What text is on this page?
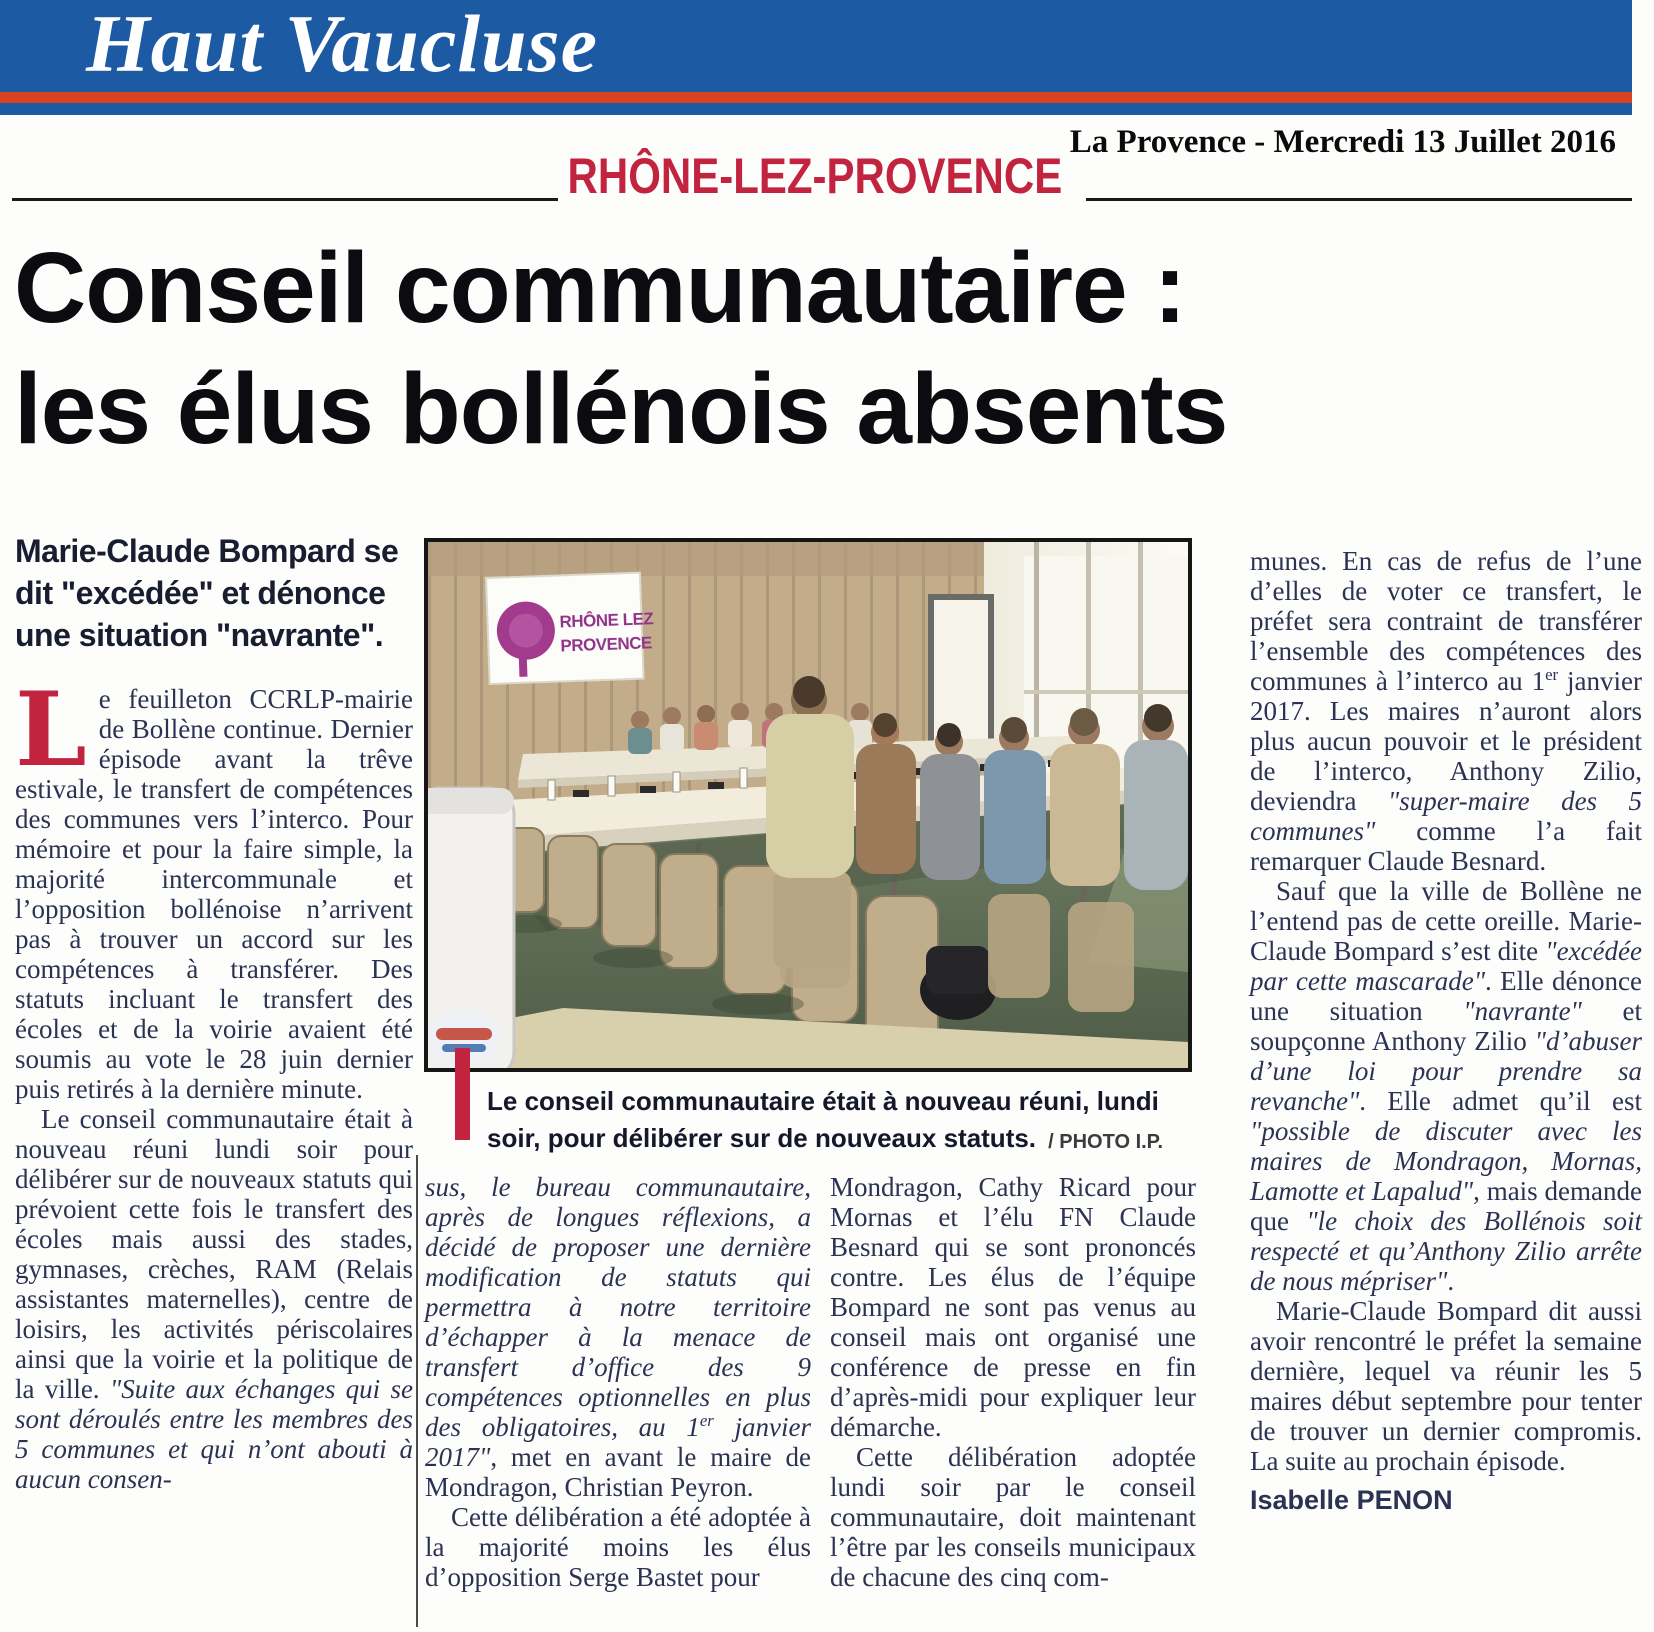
Haut Vaucluse
La Provence - Mercredi 13 Juillet 2016
RHÔNE-LEZ-PROVENCE
Conseil communautaire :
les élus bollénois absents

Marie-Claude Bompard se dit "excédée" et dénonce une situation "navrante".

Le feuilleton CCRLP-mairie de Bollène continue. Dernier épisode avant la trêve estivale, le transfert de compétences des communes vers l’interco. Pour mémoire et pour la faire simple, la majorité intercommunale et l’opposition bollénoise n’arrivent pas à trouver un accord sur les compétences à transférer. Des statuts incluant le transfert des écoles et de la voirie avaient été soumis au vote le 28 juin dernier puis retirés à la dernière minute.

Le conseil communautaire était à nouveau réuni lundi soir pour délibérer sur de nouveaux statuts qui prévoient cette fois le transfert des écoles mais aussi des stades, gymnases, crèches, RAM (Relais assistantes maternelles), centre de loisirs, les activités périscolaires ainsi que la voirie et la politique de la ville. "Suite aux échanges qui se sont déroulés entre les membres des 5 communes et qui n’ont abouti à aucun consen-

RHÔNE LEZ
PROVENCE
Le conseil communautaire était à nouveau réuni, lundi soir, pour délibérer sur de nouveaux statuts. / PHOTO I.P.

sus, le bureau communautaire, après de longues réflexions, a décidé de proposer une dernière modification de statuts qui permettra à notre territoire d’échapper à la menace de transfert d’office des 9 compétences optionnelles en plus des obligatoires, au 1er janvier 2017", met en avant le maire de Mondragon, Christian Peyron.

Cette délibération a été adoptée à la majorité moins les élus d’opposition Serge Bastet pour

Mondragon, Cathy Ricard pour Mornas et l’élu FN Claude Besnard qui se sont prononcés contre. Les élus de l’équipe Bompard ne sont pas venus au conseil mais ont organisé une conférence de presse en fin d’après-midi pour expliquer leur démarche.

Cette délibération adoptée lundi soir par le conseil communautaire, doit maintenant l’être par les conseils municipaux de chacune des cinq com-

munes. En cas de refus de l’une d’elles de voter ce transfert, le préfet sera contraint de transférer l’ensemble des compétences des communes à l’interco au 1er janvier 2017. Les maires n’auront alors plus aucun pouvoir et le président de l’interco, Anthony Zilio, deviendra "super-maire des 5 communes" comme l’a fait remarquer Claude Besnard.

Sauf que la ville de Bollène ne l’entend pas de cette oreille. Marie-Claude Bompard s’est dite "excédée par cette mascarade". Elle dénonce une situation "navrante" et soupçonne Anthony Zilio "d’abuser d’une loi pour prendre sa revanche". Elle admet qu’il est "possible de discuter avec les maires de Mondragon, Mornas, Lamotte et Lapalud", mais demande que "le choix des Bollénois soit respecté et qu’Anthony Zilio arrête de nous mépriser".

Marie-Claude Bompard dit aussi avoir rencontré le préfet la semaine dernière, lequel va réunir les 5 maires début septembre pour tenter de trouver un dernier compromis. La suite au prochain épisode.

Isabelle PENON
